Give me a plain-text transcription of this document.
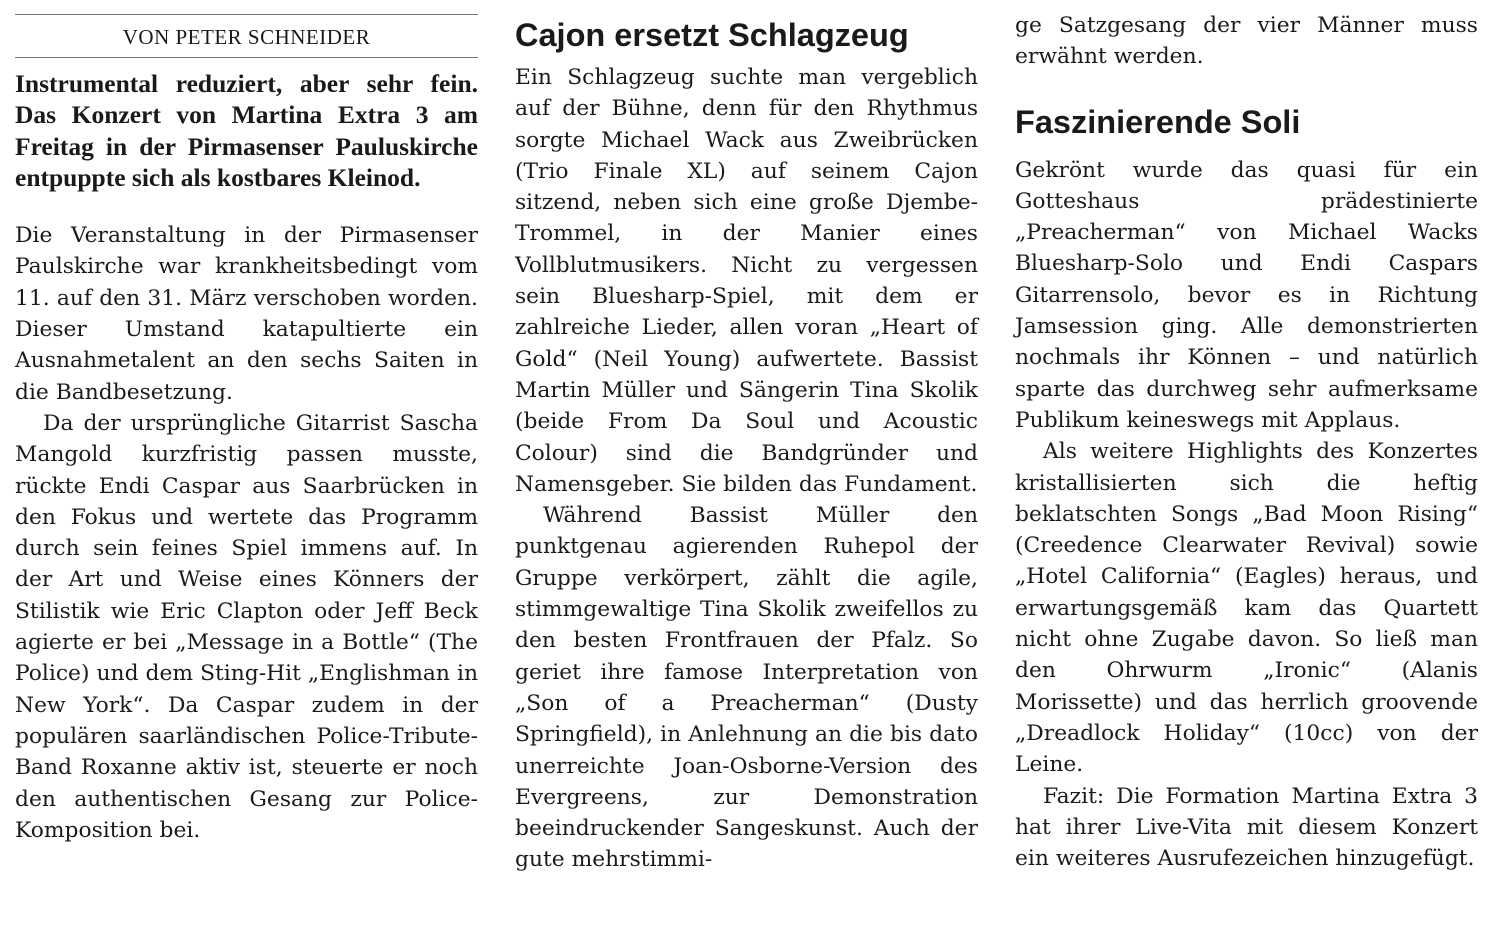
VON PETER SCHNEIDER
Instrumental reduziert, aber sehr fein. Das Konzert von Martina Extra 3 am Freitag in der Pirmasenser Pauluskirche entpuppte sich als kostbares Kleinod.

Die Veranstaltung in der Pirmasenser Paulskirche war krankheitsbedingt vom 11. auf den 31. März verschoben worden. Dieser Umstand katapultierte ein Ausnahmetalent an den sechs Saiten in die Bandbesetzung.

Da der ursprüngliche Gitarrist Sascha Mangold kurzfristig passen musste, rückte Endi Caspar aus Saarbrücken in den Fokus und wertete das Programm durch sein feines Spiel immens auf. In der Art und Weise eines Könners der Stilistik wie Eric Clapton oder Jeff Beck agierte er bei „Message in a Bottle“ (The Police) und dem Sting-Hit „Englishman in New York“. Da Caspar zudem in der populären saarländischen Police-Tribute-Band Roxanne aktiv ist, steuerte er noch den authentischen Gesang zur Police-Komposition bei.

Cajon ersetzt Schlagzeug

Ein Schlagzeug suchte man vergeblich auf der Bühne, denn für den Rhythmus sorgte Michael Wack aus Zweibrücken (Trio Finale XL) auf seinem Cajon sitzend, neben sich eine große Djembe-Trommel, in der Manier eines Vollblutmusikers. Nicht zu vergessen sein Bluesharp-Spiel, mit dem er zahlreiche Lieder, allen voran „Heart of Gold“ (Neil Young) aufwertete. Bassist Martin Müller und Sängerin Tina Skolik (beide From Da Soul und Acoustic Colour) sind die Bandgründer und Namensgeber. Sie bilden das Fundament.

Während Bassist Müller den punktgenau agierenden Ruhepol der Gruppe verkörpert, zählt die agile, stimmgewaltige Tina Skolik zweifellos zu den besten Frontfrauen der Pfalz. So geriet ihre famose Interpretation von „Son of a Preacherman“ (Dusty Springfield), in Anlehnung an die bis dato unerreichte Joan-Osborne-Version des Evergreens, zur Demonstration beeindruckender Sangeskunst. Auch der gute mehrstimmi-

ge Satzgesang der vier Männer muss erwähnt werden.

Faszinierende Soli

Gekrönt wurde das quasi für ein Gotteshaus prädestinierte „Preacherman“ von Michael Wacks Bluesharp-Solo und Endi Caspars Gitarrensolo, bevor es in Richtung Jamsession ging. Alle demonstrierten nochmals ihr Können – und natürlich sparte das durchweg sehr aufmerksame Publikum keineswegs mit Applaus.

Als weitere Highlights des Konzertes kristallisierten sich die heftig beklatschten Songs „Bad Moon Rising“ (Creedence Clearwater Revival) sowie „Hotel California“ (Eagles) heraus, und erwartungsgemäß kam das Quartett nicht ohne Zugabe davon. So ließ man den Ohrwurm „Ironic“ (Alanis Morissette) und das herrlich groovende „Dreadlock Holiday“ (10cc) von der Leine.

Fazit: Die Formation Martina Extra 3 hat ihrer Live-Vita mit diesem Konzert ein weiteres Ausrufezeichen hinzugefügt.
